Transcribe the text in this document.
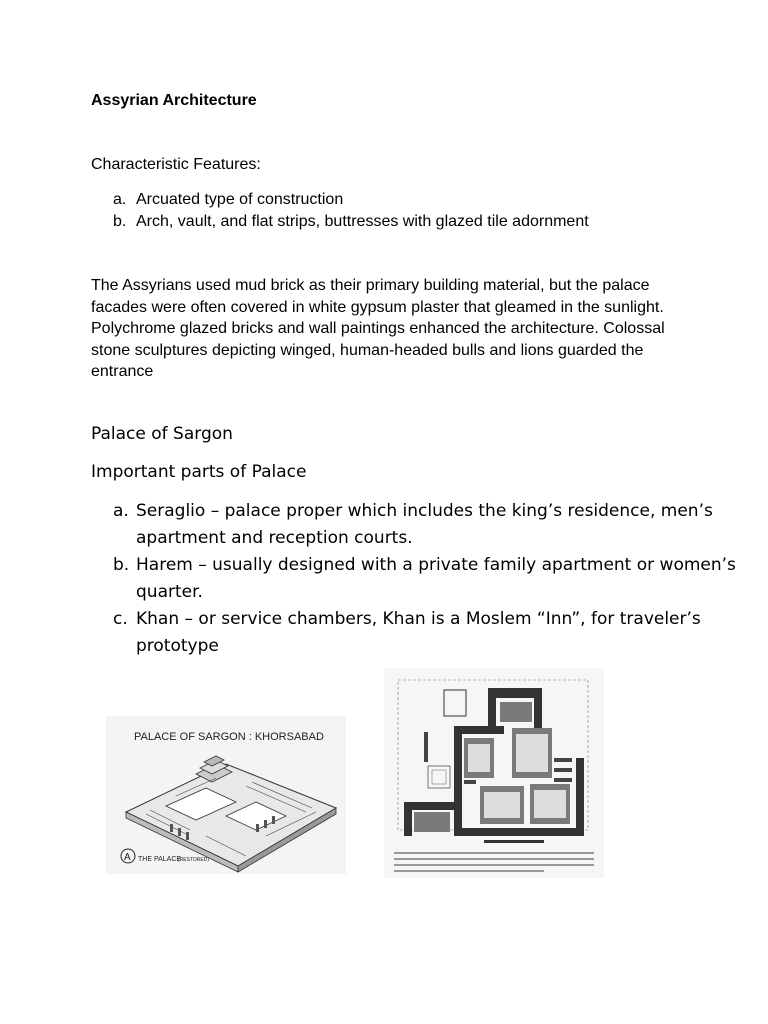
Assyrian Architecture

Characteristic Features:

a. Arcuated type of construction
b. Arch, vault, and flat strips, buttresses with glazed tile adornment

The Assyrians used mud brick as their primary building material, but the palace facades were often covered in white gypsum plaster that gleamed in the sunlight. Polychrome glazed bricks and wall paintings enhanced the architecture. Colossal stone sculptures depicting winged, human-headed bulls and lions guarded the entrance

Palace of Sargon

Important parts of Palace

a. Seraglio – palace proper which includes the king’s residence, men’s apartment and reception courts.
b. Harem – usually designed with a private family apartment or women’s quarter.
c. Khan – or service chambers, Khan is a Moslem “Inn”, for traveler’s prototype
PALACE OF SARGON : KHORSABAD
A THE PALACE
(RESTORED)
